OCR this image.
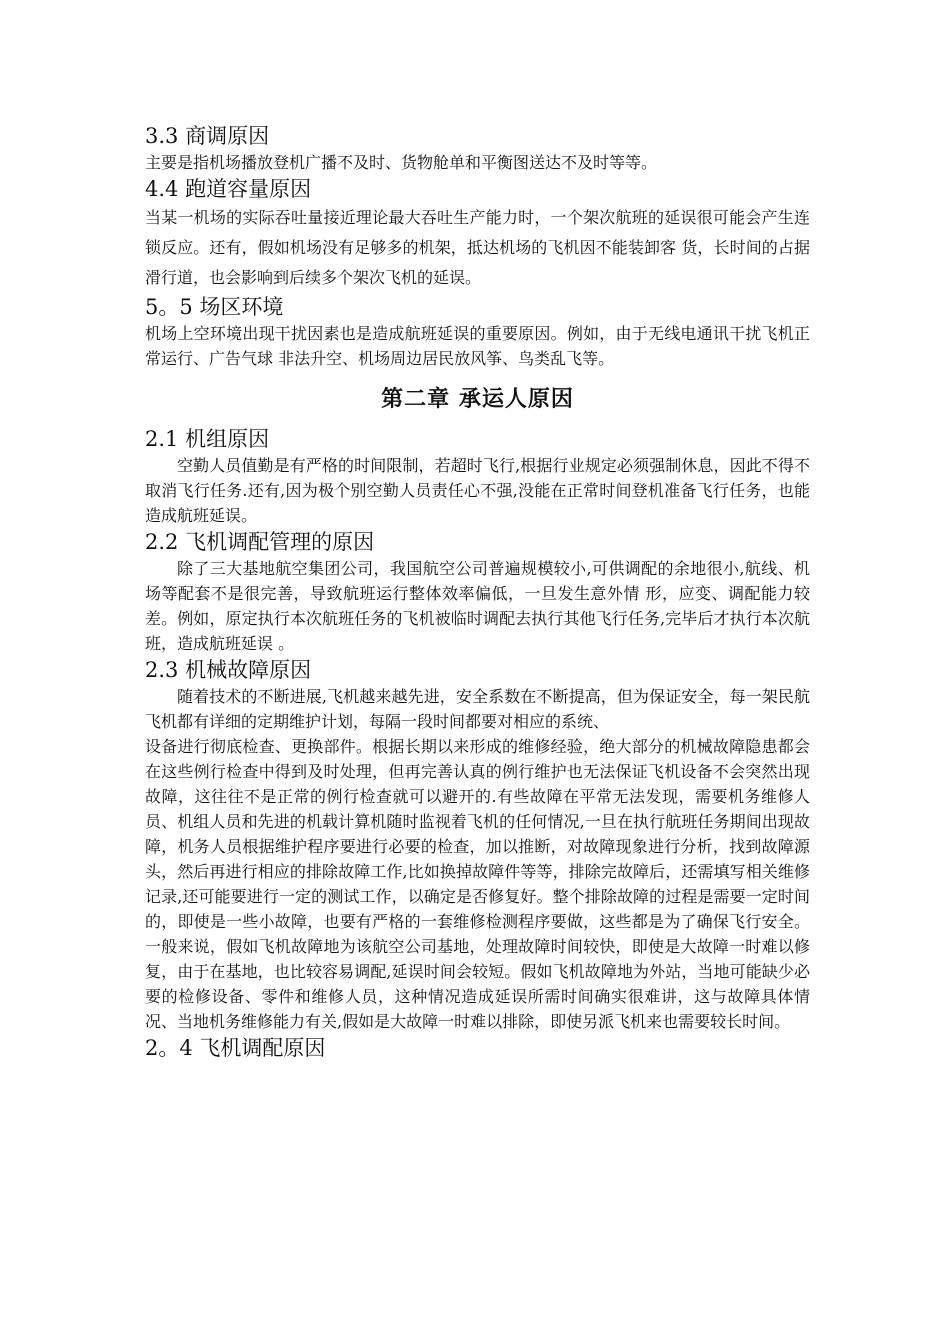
3.3 商调原因

主要是指机场播放登机广播不及时、货物舱单和平衡图送达不及时等等。

4.4 跑道容量原因

当某一机场的实际吞吐量接近理论最大吞吐生产能力时，一个架次航班的延误很可能会产生连锁反应。还有，假如机场没有足够多的机架，抵达机场的飞机因不能装卸客 货，长时间的占据滑行道，也会影响到后续多个架次飞机的延误。

5。5 场区环境

机场上空环境出现干扰因素也是造成航班延误的重要原因。例如，由于无线电通讯干扰飞机正常运行、广告气球 非法升空、机场周边居民放风筝、鸟类乱飞等。

第二章 承运人原因
2.1 机组原因

空勤人员值勤是有严格的时间限制，若超时飞行,根据行业规定必须强制休息，因此不得不取消飞行任务.还有,因为极个别空勤人员责任心不强,没能在正常时间登机准备飞行任务，也能造成航班延误。

2.2 飞机调配管理的原因

除了三大基地航空集团公司，我国航空公司普遍规模较小,可供调配的余地很小,航线、机场等配套不是很完善，导致航班运行整体效率偏低，一旦发生意外情 形，应变、调配能力较差。例如，原定执行本次航班任务的飞机被临时调配去执行其他飞行任务,完毕后才执行本次航班，造成航班延误 。

2.3 机械故障原因

随着技术的不断进展,飞机越来越先进，安全系数在不断提高，但为保证安全，每一架民航飞机都有详细的定期维护计划，每隔一段时间都要对相应的系统、

设备进行彻底检查、更换部件。根据长期以来形成的维修经验，绝大部分的机械故障隐患都会在这些例行检查中得到及时处理，但再完善认真的例行维护也无法保证飞机设备不会突然出现故障，这往往不是正常的例行检查就可以避开的.有些故障在平常无法发现，需要机务维修人员、机组人员和先进的机载计算机随时监视着飞机的任何情况,一旦在执行航班任务期间出现故障，机务人员根据维护程序要进行必要的检查，加以推断，对故障现象进行分析，找到故障源头，然后再进行相应的排除故障工作,比如换掉故障件等等，排除完故障后，还需填写相关维修记录,还可能要进行一定的测试工作，以确定是否修复好。整个排除故障的过程是需要一定时间的，即使是一些小故障，也要有严格的一套维修检测程序要做，这些都是为了确保飞行安全。一般来说，假如飞机故障地为该航空公司基地，处理故障时间较快，即使是大故障一时难以修复，由于在基地，也比较容易调配,延误时间会较短。假如飞机故障地为外站，当地可能缺少必要的检修设备、零件和维修人员，这种情况造成延误所需时间确实很难讲，这与故障具体情况、当地机务维修能力有关,假如是大故障一时难以排除，即使另派飞机来也需要较长时间。

2。4 飞机调配原因
